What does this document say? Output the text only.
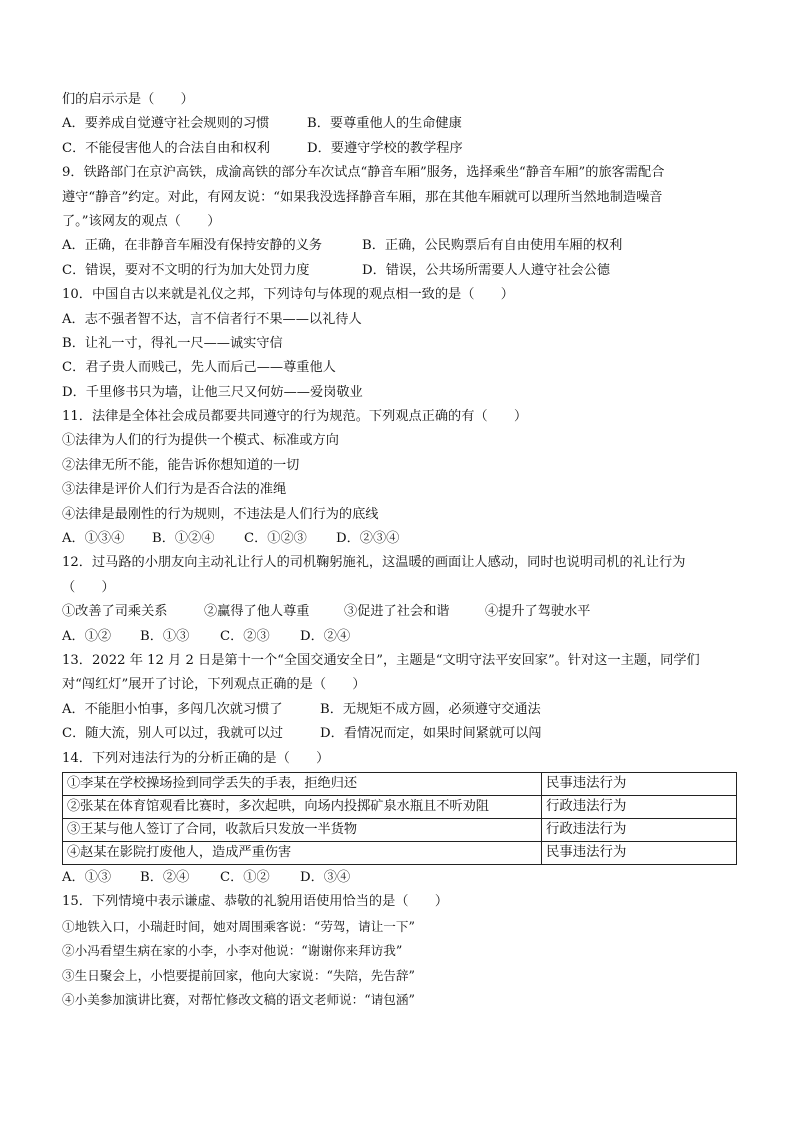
们的启示示是（　　）
A．要养成自觉遵守社会规则的习惯	B．要尊重他人的生命健康
C．不能侵害他人的合法自由和权利	D．要遵守学校的教学程序
9．铁路部门在京沪高铁，成渝高铁的部分车次试点“静音车厢”服务，选择乘坐“静音车厢”的旅客需配合
遵守“静音”约定。对此，有网友说：“如果我没选择静音车厢，那在其他车厢就可以理所当然地制造噪音
了。”该网友的观点（　　）
A．正确，在非静音车厢没有保持安静的义务	B．正确，公民购票后有自由使用车厢的权利
C．错误，要对不文明的行为加大处罚力度	D．错误，公共场所需要人人遵守社会公德
10．中国自古以来就是礼仪之邦，下列诗句与体现的观点相一致的是（　　）
A．志不强者智不达，言不信者行不果——以礼待人
B．让礼一寸，得礼一尺——诚实守信
C．君子贵人而贱己，先人而后己——尊重他人
D．千里修书只为墙，让他三尺又何妨——爱岗敬业
11．法律是全体社会成员都要共同遵守的行为规范。下列观点正确的有（　　）
①法律为人们的行为提供一个模式、标准或方向
②法律无所不能，能告诉你想知道的一切
③法律是评价人们行为是否合法的准绳
④法律是最刚性的行为规则，不违法是人们行为的底线
A．①③④	B．①②④	C．①②③	D．②③④
12．过马路的小朋友向主动礼让行人的司机鞠躬施礼，这温暖的画面让人感动，同时也说明司机的礼让行为
（　　）
①改善了司乘关系	②赢得了他人尊重	③促进了社会和谐	④提升了驾驶水平
A．①②	B．①③	C．②③	D．②④
13．2022 年 12 月 2 日是第十一个“全国交通安全日”，主题是“文明守法平安回家”。针对这一主题，同学们
对“闯红灯”展开了讨论，下列观点正确的是（　　）
A．不能胆小怕事，多闯几次就习惯了	B．无规矩不成方圆，必须遵守交通法
C．随大流，别人可以过，我就可以过	D．看情况而定，如果时间紧就可以闯
14．下列对违法行为的分析正确的是（　　）
①李某在学校操场捡到同学丢失的手表，拒绝归还	民事违法行为
②张某在体育馆观看比赛时，多次起哄，向场内投掷矿泉水瓶且不听劝阻	行政违法行为
③王某与他人签订了合同，收款后只发放一半货物	行政违法行为
④赵某在影院打废他人，造成严重伤害	民事违法行为
A．①③	B．②④	C．①②	D．③④
15．下列情境中表示谦虚、恭敬的礼貌用语使用恰当的是（　　）
①地铁入口，小瑞赶时间，她对周围乘客说：“劳驾，请让一下”
②小冯看望生病在家的小李，小李对他说：“谢谢你来拜访我”
③生日聚会上，小恺要提前回家，他向大家说：“失陪，先告辞”
④小美参加演讲比赛，对帮忙修改文稿的语文老师说：“请包涵”
